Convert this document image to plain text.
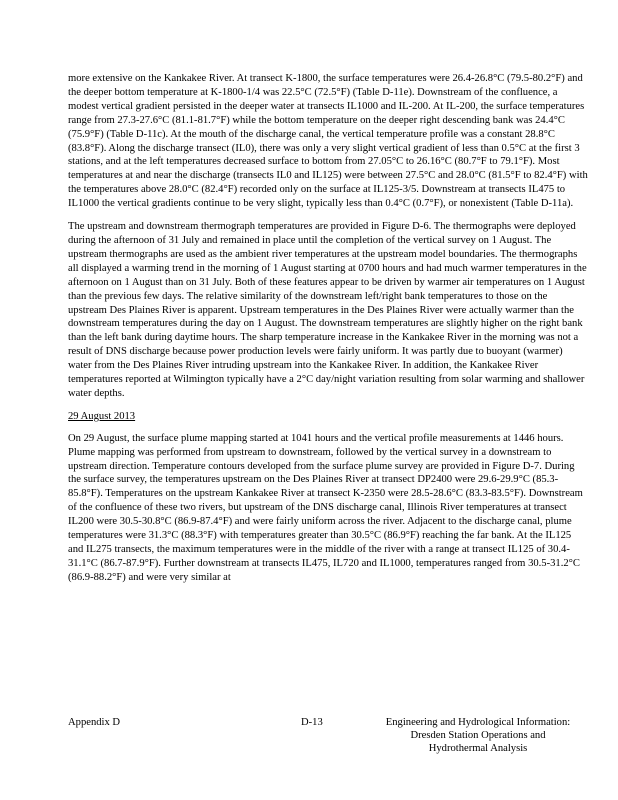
more extensive on the Kankakee River. At transect K-1800, the surface temperatures were 26.4-26.8°C (79.5-80.2°F) and the deeper bottom temperature at K-1800-1/4 was 22.5°C (72.5°F) (Table D-11e). Downstream of the confluence, a modest vertical gradient persisted in the deeper water at transects IL1000 and IL-200. At IL-200, the surface temperatures range from 27.3-27.6°C (81.1-81.7°F) while the bottom temperature on the deeper right descending bank was 24.4°C (75.9°F) (Table D-11c). At the mouth of the discharge canal, the vertical temperature profile was a constant 28.8°C (83.8°F). Along the discharge transect (IL0), there was only a very slight vertical gradient of less than 0.5°C at the first 3 stations, and at the left temperatures decreased surface to bottom from 27.05°C to 26.16°C (80.7°F to 79.1°F). Most temperatures at and near the discharge (transects IL0 and IL125) were between 27.5°C and 28.0°C (81.5°F to 82.4°F) with the temperatures above 28.0°C (82.4°F) recorded only on the surface at IL125-3/5. Downstream at transects IL475 to IL1000 the vertical gradients continue to be very slight, typically less than 0.4°C (0.7°F), or nonexistent (Table D-11a).

The upstream and downstream thermograph temperatures are provided in Figure D-6. The thermographs were deployed during the afternoon of 31 July and remained in place until the completion of the vertical survey on 1 August. The upstream thermographs are used as the ambient river temperatures at the upstream model boundaries. The thermographs all displayed a warming trend in the morning of 1 August starting at 0700 hours and had much warmer temperatures in the afternoon on 1 August than on 31 July. Both of these features appear to be driven by warmer air temperatures on 1 August than the previous few days. The relative similarity of the downstream left/right bank temperatures to those on the upstream Des Plaines River is apparent. Upstream temperatures in the Des Plaines River were actually warmer than the downstream temperatures during the day on 1 August. The downstream temperatures are slightly higher on the right bank than the left bank during daytime hours. The sharp temperature increase in the Kankakee River in the morning was not a result of DNS discharge because power production levels were fairly uniform. It was partly due to buoyant (warmer) water from the Des Plaines River intruding upstream into the Kankakee River. In addition, the Kankakee River temperatures reported at Wilmington typically have a 2°C day/night variation resulting from solar warming and shallower water depths.

29 August 2013

On 29 August, the surface plume mapping started at 1041 hours and the vertical profile measurements at 1446 hours. Plume mapping was performed from upstream to downstream, followed by the vertical survey in a downstream to upstream direction. Temperature contours developed from the surface plume survey are provided in Figure D-7. During the surface survey, the temperatures upstream on the Des Plaines River at transect DP2400 were 29.6-29.9°C (85.3-85.8°F). Temperatures on the upstream Kankakee River at transect K-2350 were 28.5-28.6°C (83.3-83.5°F). Downstream of the confluence of these two rivers, but upstream of the DNS discharge canal, Illinois River temperatures at transect IL200 were 30.5-30.8°C (86.9-87.4°F) and were fairly uniform across the river. Adjacent to the discharge canal, plume temperatures were 31.3°C (88.3°F) with temperatures greater than 30.5°C (86.9°F) reaching the far bank. At the IL125 and IL275 transects, the maximum temperatures were in the middle of the river with a range at transect IL125 of 30.4-31.1°C (86.7-87.9°F). Further downstream at transects IL475, IL720 and IL1000, temperatures ranged from 30.5-31.2°C (86.9-88.2°F) and were very similar at

Appendix D	D-13	Engineering and Hydrological Information:
Dresden Station Operations and
Hydrothermal Analysis
